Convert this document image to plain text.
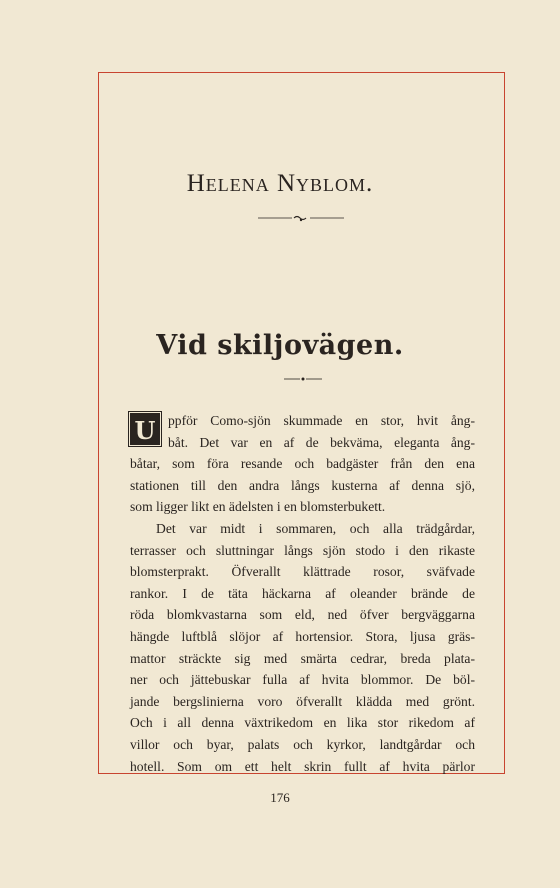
Helena Nyblom.
Vid skiljovägen.
U ppför Como-sjön skummade en stor, hvit ång-
båt. Det var en af de bekväma, eleganta ång-
båtar, som föra resande och badgäster från den ena
stationen till den andra långs kusterna af denna sjö,
som ligger likt en ädelsten i en blomsterbukett.
Det var midt i sommaren, och alla trädgårdar,
terrasser och sluttningar långs sjön stodo i den rikaste
blomsterprakt. Öfverallt klättrade rosor, sväfvade
rankor. I de täta häckarna af oleander brände de
röda blomkvastarna som eld, ned öfver bergväggarna
hängde luftblå slöjor af hortensior. Stora, ljusa gräs-
mattor sträckte sig med smärta cedrar, breda plata-
ner och jättebuskar fulla af hvita blommor. De böl-
jande bergslinierna voro öfverallt klädda med grönt.
Och i all denna växtrikedom en lika stor rikedom af
villor och byar, palats och kyrkor, landtgårdar och
hotell. Som om ett helt skrin fullt af hvita pärlor
176
